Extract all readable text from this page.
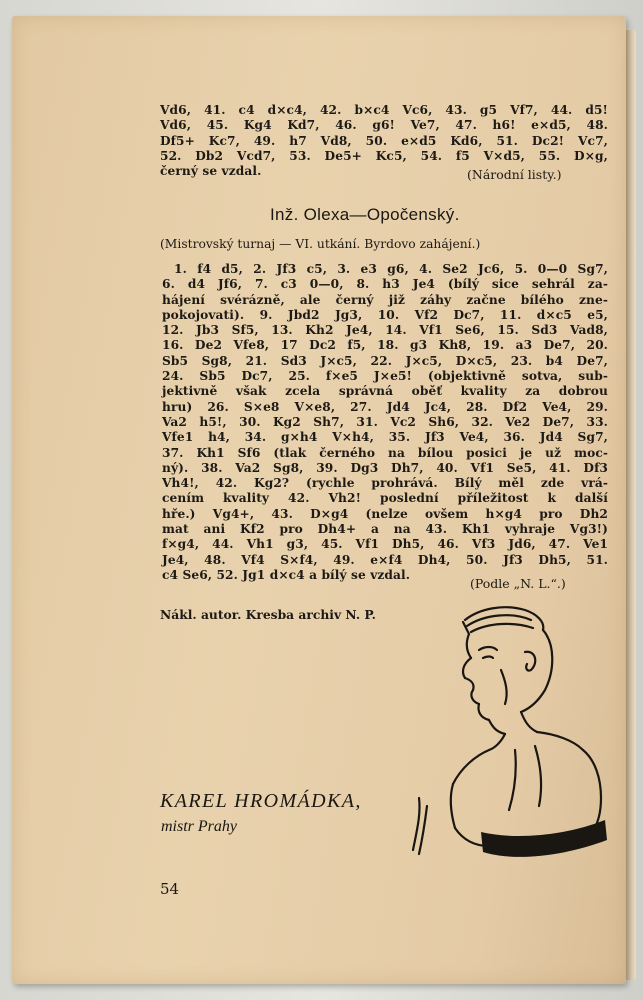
Vd6, 41. c4 d×c4, 42. b×c4 Vc6, 43. g5 Vf7, 44. d5!
Vd6, 45. Kg4 Kd7, 46. g6! Ve7, 47. h6! e×d5, 48.
Df5+ Kc7, 49. h7 Vd8, 50. e×d5 Kd6, 51. Dc2! Vc7,
52. Db2 Vcd7, 53. De5+ Kc5, 54. f5 V×d5, 55. D×g,
černý se vzdal.	(Národní listy.)
Inž. Olexa—Opočenský.
(Mistrovský turnaj — VI. utkání. Byrdovo zahájení.)
1. f4 d5, 2. Jf3 c5, 3. e3 g6, 4. Se2 Jc6, 5. 0—0 Sg7,
6. d4 Jf6, 7. c3 0—0, 8. h3 Je4 (bílý sice sehrál za-
hájení svérázně, ale černý již záhy začne bílého zne-
pokojovati). 9. Jbd2 Jg3, 10. Vf2 Dc7, 11. d×c5 e5,
12. Jb3 Sf5, 13. Kh2 Je4, 14. Vf1 Se6, 15. Sd3 Vad8,
16. De2 Vfe8, 17 Dc2 f5, 18. g3 Kh8, 19. a3 De7, 20.
Sb5 Sg8, 21. Sd3 J×c5, 22. J×c5, D×c5, 23. b4 De7,
24. Sb5 Dc7, 25. f×e5 J×e5! (objektivně sotva, sub-
jektivně však zcela správná oběť kvality za dobrou
hru) 26. S×e8 V×e8, 27. Jd4 Jc4, 28. Df2 Ve4, 29.
Va2 h5!, 30. Kg2 Sh7, 31. Vc2 Sh6, 32. Ve2 De7, 33.
Vfe1 h4, 34. g×h4 V×h4, 35. Jf3 Ve4, 36. Jd4 Sg7,
37. Kh1 Sf6 (tlak černého na bílou posici je už moc-
ný). 38. Va2 Sg8, 39. Dg3 Dh7, 40. Vf1 Se5, 41. Df3
Vh4!, 42. Kg2? (rychle prohrává. Bílý měl zde vrá-
cením kvality 42. Vh2! poslední příležitost k další
hře.) Vg4+, 43. D×g4 (nelze ovšem h×g4 pro Dh2
mat ani Kf2 pro Dh4+ a na 43. Kh1 vyhraje Vg3!)
f×g4, 44. Vh1 g3, 45. Vf1 Dh5, 46. Vf3 Jd6, 47. Ve1
Je4, 48. Vf4 S×f4, 49. e×f4 Dh4, 50. Jf3 Dh5, 51.
c4 Se6, 52. Jg1 d×c4 a bílý se vzdal.
(Podle „N. L.“.)
Nákl. autor. Kresba archiv N. P.
KAREL HROMÁDKA,
mistr Prahy
54
